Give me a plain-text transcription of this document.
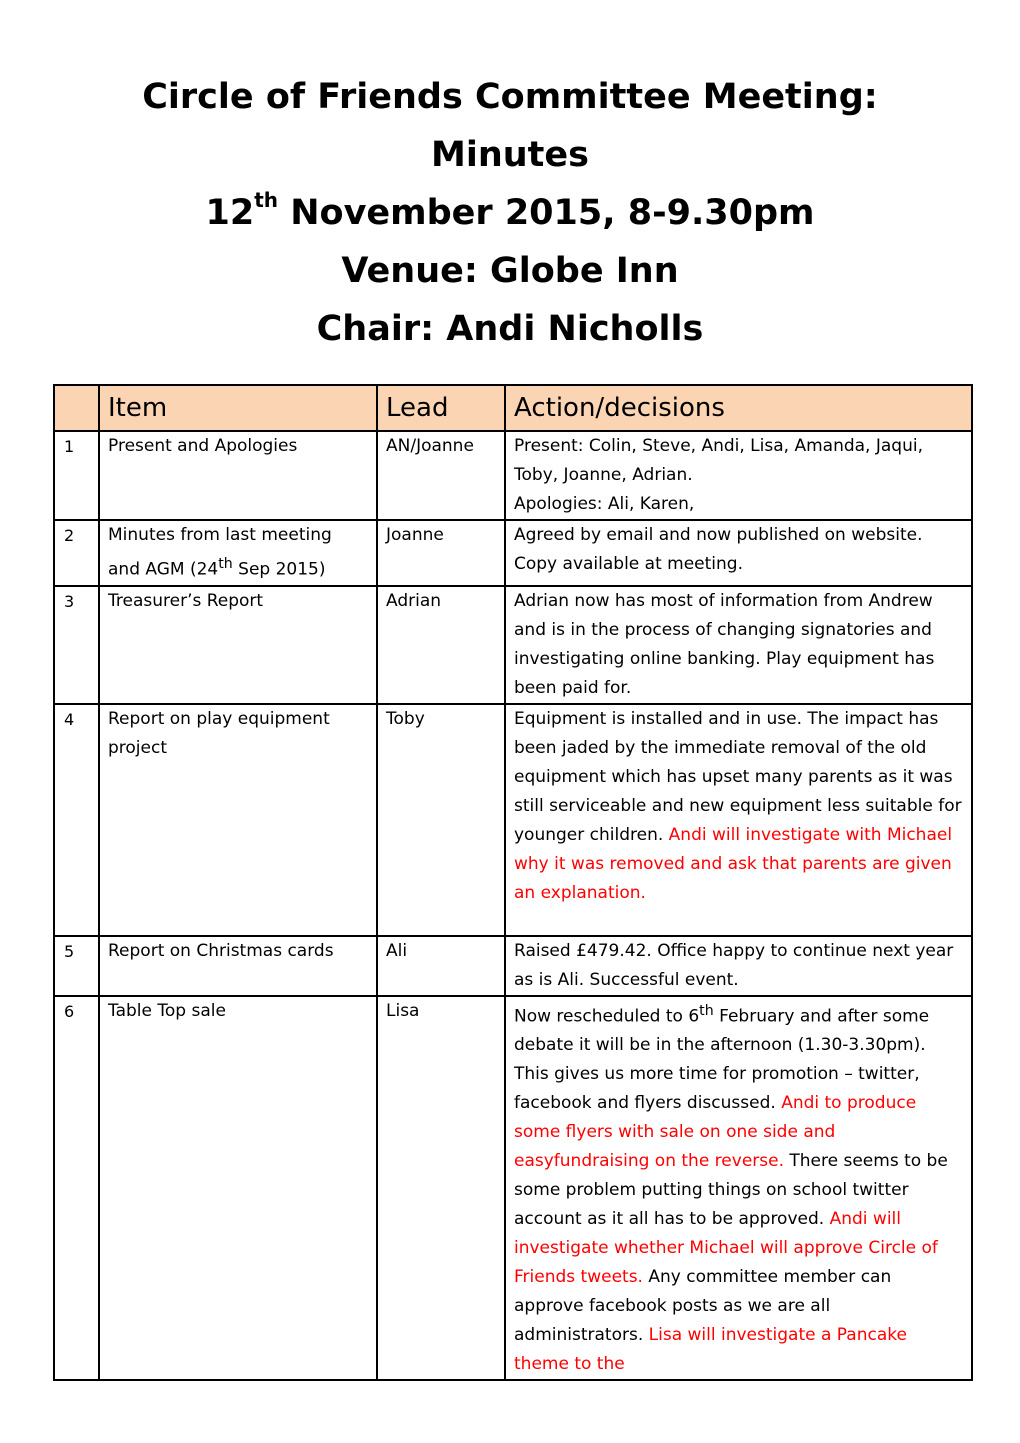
Circle of Friends Committee Meeting:
Minutes
12th November 2015, 8-9.30pm
Venue: Globe Inn
Chair: Andi Nicholls
	Item	Lead	Action/decisions
1	Present and Apologies	AN/Joanne	Present: Colin, Steve, Andi, Lisa, Amanda, Jaqui, Toby, Joanne, Adrian.

Apologies: Ali, Karen,

2	Minutes from last meeting and AGM (24th Sep 2015)	Joanne	Agreed by email and now published on website. Copy available at meeting.
3	Treasurer’s Report	Adrian	Adrian now has most of information from Andrew and is in the process of changing signatories and investigating online banking. Play equipment has been paid for.
4	Report on play equipment project	Toby	Equipment is installed and in use. The impact has been jaded by the immediate removal of the old equipment which has upset many parents as it was still serviceable and new equipment less suitable for younger children. Andi will investigate with Michael why it was removed and ask that parents are given an explanation.
5	Report on Christmas cards	Ali	Raised £479.42. Office happy to continue next year as is Ali. Successful event.
6	Table Top sale	Lisa	Now rescheduled to 6th February and after some debate it will be in the afternoon (1.30-3.30pm). This gives us more time for promotion – twitter, facebook and flyers discussed. Andi to produce some flyers with sale on one side and easyfundraising on the reverse. There seems to be some problem putting things on school twitter account as it all has to be approved. Andi will investigate whether Michael will approve Circle of Friends tweets. Any committee member can approve facebook posts as we are all administrators. Lisa will investigate a Pancake theme to the
